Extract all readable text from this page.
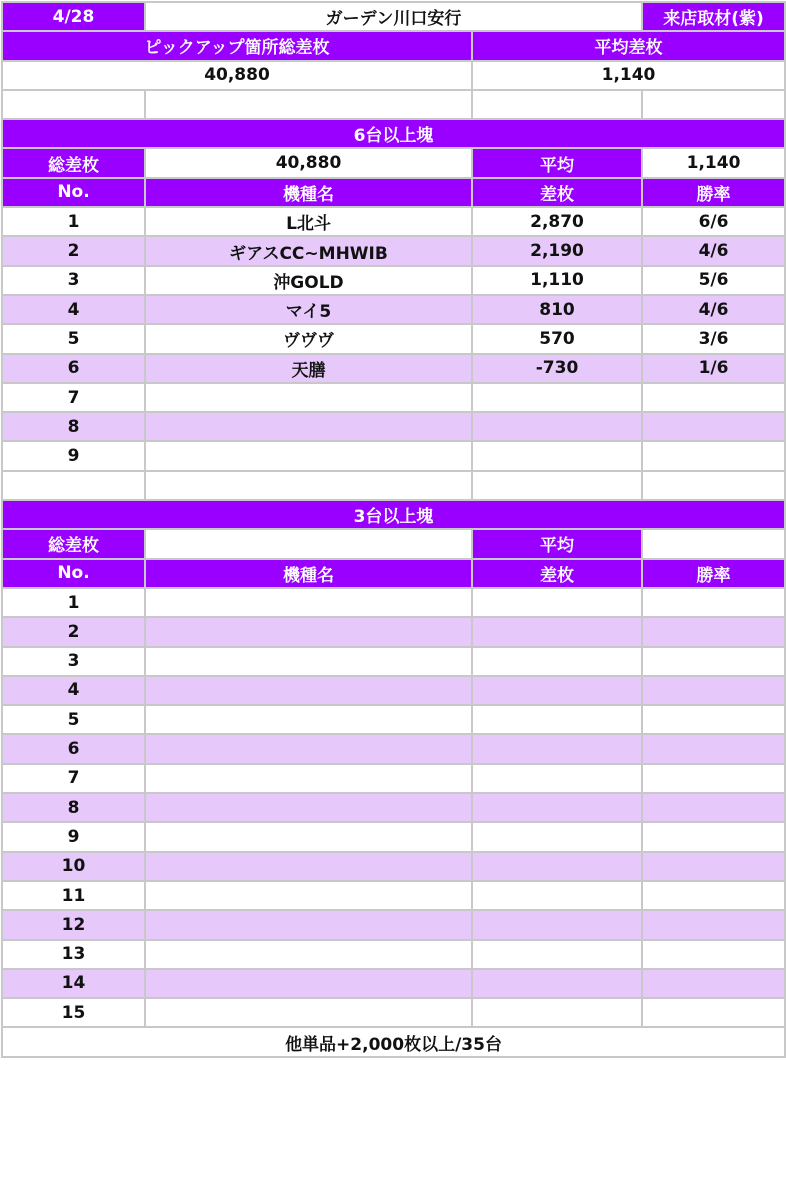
4/28	ガーデン川口安行		来店取材(紫)
ピックアップ箇所総差枚		平均差枚	
40,880		1,140	

6台以上塊			
総差枚	40,880	平均	1,140
No.	機種名	差枚	勝率
1	L北斗	2,870	6/6
2	ギアスCC~MHWIB	2,190	4/6
3	沖GOLD	1,110	5/6
4	マイ5	810	4/6
5	ヴヴヴ	570	3/6
6	天膳	-730	1/6
7			
8			
9			

3台以上塊			
総差枚		平均	
No.	機種名	差枚	勝率
1			
2			
3			
4			
5			
6			
7			
8			
9			
10			
11			
12			
13			
14			
15			
他単品+2,000枚以上/35台			
